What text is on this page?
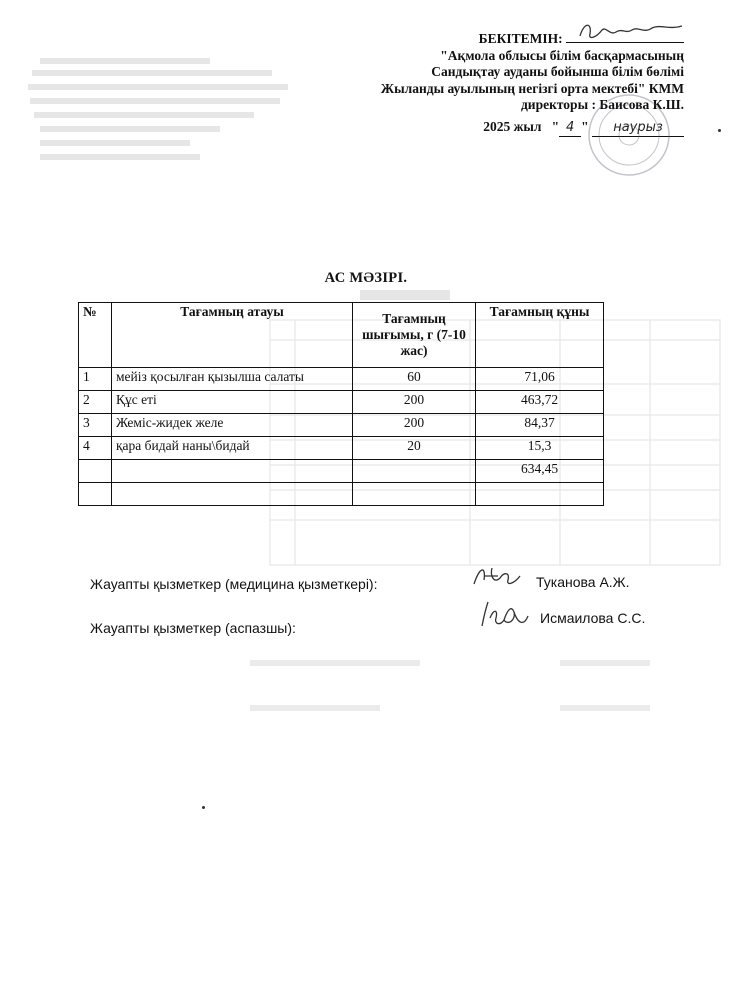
БЕКІТЕМІН:
"Ақмола облысы білім басқармасының
Сандықтау ауданы бойынша білім бөлімі
Жыланды ауылының негізгі орта мектебі" КММ
директоры : Баисова К.Ш.
2025 жыл   " 4 " наурыз
АС МӘЗІРІ.
№	Тағамның атауы	Тағамның шығымы, г (7-10 жас)	Тағамның құны
1	мейіз қосылған қызылша салаты	60	71,06
2	Құс еті	200	463,72
3	Жеміс-жидек желе	200	84,37
4	қара бидай наны\бидай	20	15,3
			634,45

Жауапты қызметкер (медицина қызметкері):	Туканова А.Ж.
Жауапты қызметкер (аспазшы):
Исмаилова С.С.
